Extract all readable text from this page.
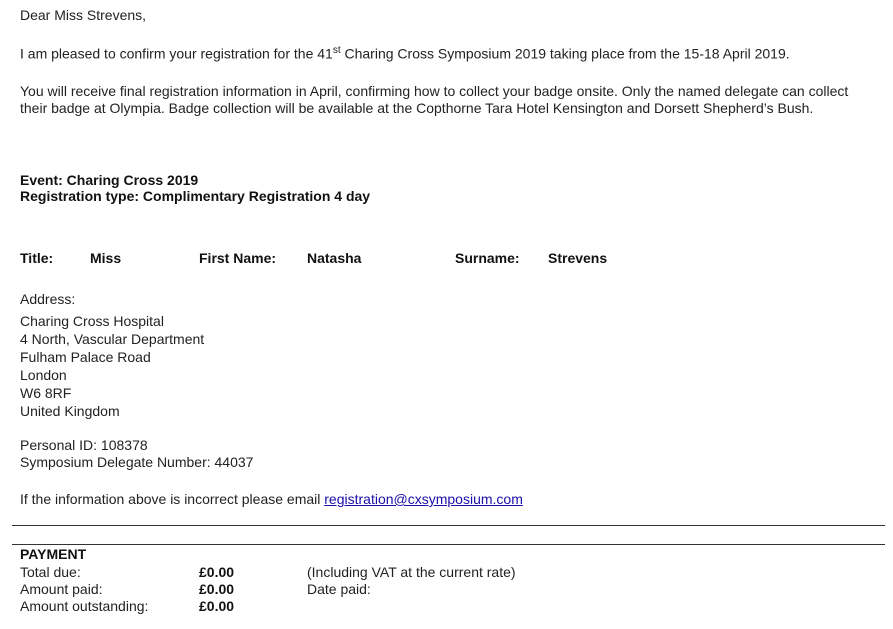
Dear Miss Strevens,
I am pleased to confirm your registration for the 41st Charing Cross Symposium 2019 taking place from the 15-18 April 2019.
You will receive final registration information in April, confirming how to collect your badge onsite. Only the named delegate can collect their badge at Olympia. Badge collection will be available at the Copthorne Tara Hotel Kensington and Dorsett Shepherd’s Bush.
Event: Charing Cross 2019
Registration type: Complimentary Registration 4 day
Title:	Miss	First Name: Natasha	Surname: Strevens
Address:
Charing Cross Hospital
4 North, Vascular Department
Fulham Palace Road
London
W6 8RF
United Kingdom
Personal ID: 108378
Symposium Delegate Number: 44037
If the information above is incorrect please email registration@cxsymposium.com
PAYMENT
Total due:	£0.00	(Including VAT at the current rate)
Amount paid:	£0.00	Date paid:
Amount outstanding:	£0.00
